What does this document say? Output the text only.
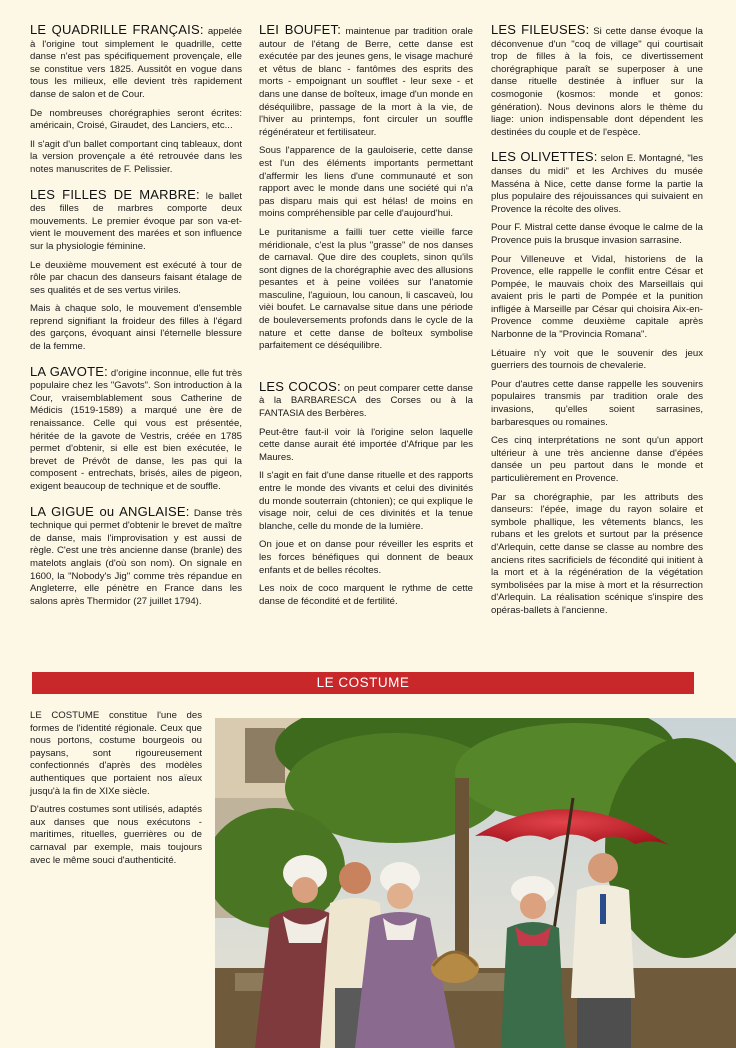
LE QUADRILLE FRANÇAIS: appelée à l'origine tout simplement le quadrille, cette danse n'est pas spécifiquement provençale, elle se constitue vers 1825. Aussitôt en vogue dans tous les milieux, elle devient très rapidement danse de salon et de Cour.

De nombreuses chorégraphies seront écrites: américain, Croisé, Giraudet, des Lanciers, etc...

Il s'agit d'un ballet comportant cinq tableaux, dont la version provençale a été retrouvée dans les notes manuscrites de F. Pelissier.

LES FILLES DE MARBRE: le ballet des filles de marbres comporte deux mouvements. Le premier évoque par son va-et-vient le mouvement des marées et son influence sur la physiologie féminine.

Le deuxième mouvement est exécuté à tour de rôle par chacun des danseurs faisant étalage de ses qualités et de ses vertus viriles.

Mais à chaque solo, le mouvement d'ensemble reprend signifiant la froideur des filles à l'égard des garçons, évoquant ainsi l'éternelle blessure de la femme.

LA GAVOTE: d'origine inconnue, elle fut très populaire chez les "Gavots". Son introduction à la Cour, vraisemblablement sous Catherine de Médicis (1519-1589) a marqué une ère de renaissance. Celle qui vous est présentée, héritée de la gavote de Vestris, créée en 1785 permet d'obtenir, si elle est bien exécutée, le brevet de Prévôt de danse, les pas qui la composent - entrechats, brisés, ailes de pigeon, exigent beaucoup de technique et de souffle.

LA GIGUE ou ANGLAISE: Danse très technique qui permet d'obtenir le brevet de maître de danse, mais l'improvisation y est aussi de règle. C'est une très ancienne danse (branle) des matelots anglais (d'où son nom). On signale en 1600, la "Nobody's Jig" comme très répandue en Angleterre, elle pénètre en France dans les salons après Thermidor (27 juillet 1794).

LEI BOUFET: maintenue par tradition orale autour de l'étang de Berre, cette danse est exécutée par des jeunes gens, le visage machuré et vêtus de blanc - fantômes des esprits des morts - empoignant un soufflet - leur sexe - et dans une danse de boîteux, image d'un monde en déséquilibre, passage de la mort à la vie, de l'hiver au printemps, font circuler un souffle régénérateur et fertilisateur.

Sous l'apparence de la gauloiserie, cette danse est l'un des éléments importants permettant d'affermir les liens d'une communauté et son rapport avec le monde dans une société qui n'a pas disparu mais qui est hélas! de moins en moins compréhensible par celle d'aujourd'hui.

Le puritanisme a failli tuer cette vieille farce méridionale, c'est la plus "grasse" de nos danses de carnaval. Que dire des couplets, sinon qu'ils sont dignes de la chorégraphie avec des allusions pesantes et à peine voilées sur l'anatomie masculine, l'aguioun, lou canoun, li cascaveù, lou vièi boufet. Le carnavalse situe dans une période de bouleversements profonds dans le cycle de la nature et cette danse de boîteux symbolise parfaitement ce déséquilibre.

LES COCOS: on peut comparer cette danse à la BARBARESCA des Corses ou à la FANTASIA des Berbères.

Peut-être faut-il voir là l'origine selon laquelle cette danse aurait été importée d'Afrique par les Maures.

Il s'agit en fait d'une danse rituelle et des rapports entre le monde des vivants et celui des divinités du monde souterrain (chtonien); ce qui explique le visage noir, celui de ces divinités et la tenue blanche, celle du monde de la lumière.

On joue et on danse pour réveiller les esprits et les forces bénéfiques qui donnent de beaux enfants et de belles récoltes.

Les noix de coco marquent le rythme de cette danse de fécondité et de fertilité.

LES FILEUSES: Si cette danse évoque la déconvenue d'un "coq de village" qui courtisait trop de filles à la fois, ce divertissement chorégraphique paraît se superposer à une danse rituelle destinée à influer sur la cosmogonie (kosmos: monde et gonos: génération). Nous devinons alors le thème du liage: union indispensable dont dépendent les destinées du couple et de l'espèce.

LES OLIVETTES: selon E. Montagné, "les danses du midi" et les Archives du musée Masséna à Nice, cette danse forme la partie la plus populaire des réjouissances qui suivaient en Provence la récolte des olives.

Pour F. Mistral cette danse évoque le calme de la Provence puis la brusque invasion sarrasine.

Pour Villeneuve et Vidal, historiens de la Provence, elle rappelle le conflit entre César et Pompée, le mauvais choix des Marseillais qui avaient pris le parti de Pompée et la punition infligée à Marseille par César qui choisira Aix-en-Provence comme deuxième capitale après Narbonne de la "Provincia Romana".

Létuaire n'y voit que le souvenir des jeux guerriers des tournois de chevalerie.

Pour d'autres cette danse rappelle les souvenirs populaires transmis par tradition orale des invasions, qu'elles soient sarrasines, barbaresques ou romaines.

Ces cinq interprétations ne sont qu'un apport ultérieur à une très ancienne danse d'épées dansée un peu partout dans le monde et particulièrement en Provence.

Par sa chorégraphie, par les attributs des danseurs: l'épée, image du rayon solaire et symbole phallique, les vêtements blancs, les rubans et les grelots et surtout par la présence d'Arlequin, cette danse se classe au nombre des anciens rites sacrificiels de fécondité qui initient à la mort et à la régénération de la végétation symbolisées par la mise à mort et la résurrection d'Arlequin. La réalisation scénique s'inspire des opéras-ballets à l'ancienne.

LE COSTUME

LE COSTUME constitue l'une des formes de l'identité régionale. Ceux que nous portons, costume bourgeois ou paysans, sont rigoureusement confectionnés d'après des modèles authentiques que portaient nos aïeux jusqu'à la fin de XIXe siècle.

D'autres costumes sont utilisés, adaptés aux danses que nous exécutons - maritimes, rituelles, guerrières ou de carnaval par exemple, mais toujours avec le même souci d'authenticité.
